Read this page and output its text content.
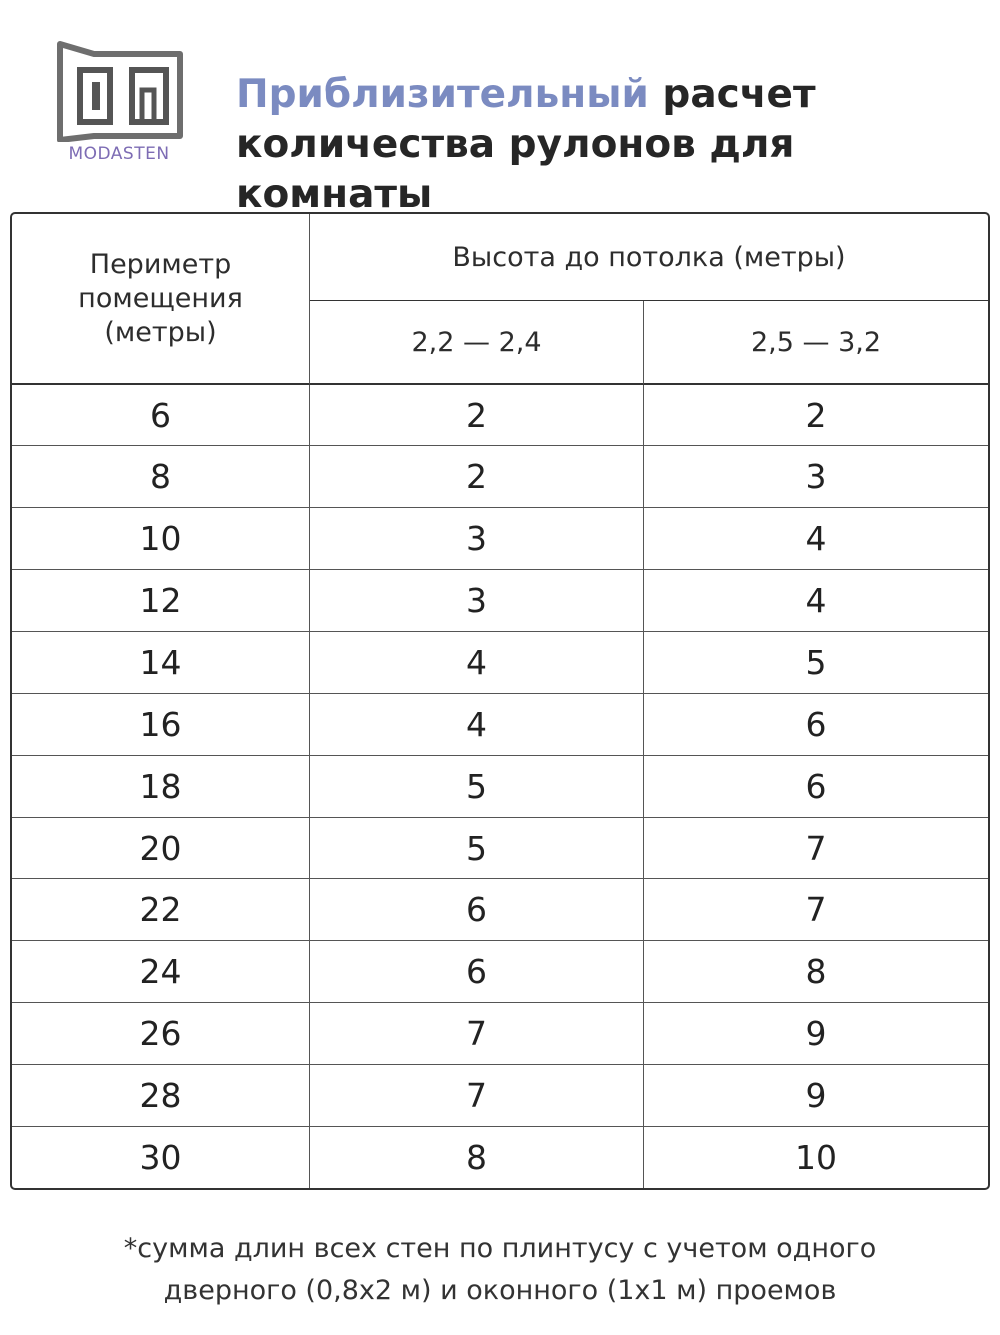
MODASTEN
Приблизительный расчет
количества рулонов для комнаты
Периметр
помещения
(метры)	Высота до потолка (метры)	
	2,2 — 2,4	2,5 — 3,2
6	2	2
8	2	3
10	3	4
12	3	4
14	4	5
16	4	6
18	5	6
20	5	7
22	6	7
24	6	8
26	7	9
28	7	9
30	8	10

*сумма длин всех стен по плинтусу с учетом одного
дверного (0,8х2 м) и оконного (1х1 м) проемов
